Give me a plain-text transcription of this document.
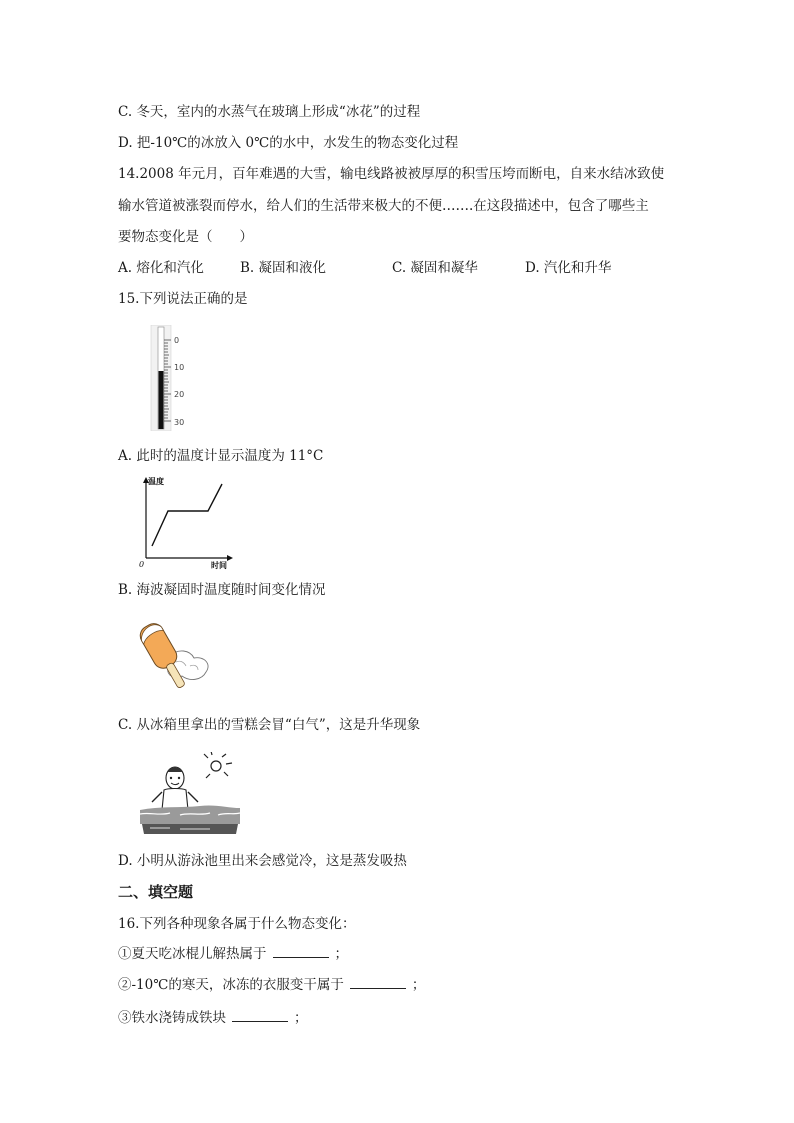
C. 冬天，室内的水蒸气在玻璃上形成“冰花”的过程
D. 把-10℃的冰放入 0℃的水中，水发生的物态变化过程
14.2008 年元月，百年难遇的大雪，输电线路被被厚厚的积雪压垮而断电，自来水结冰致使
输水管道被涨裂而停水，给人们的生活带来极大的不便…….在这段描述中，包含了哪些主
要物态变化是（　　）
A. 熔化和汽化	B. 凝固和液化	C. 凝固和凝华	D. 汽化和升华
15.下列说法正确的是
0
10
20
30
A. 此时的温度计显示温度为 11°C
温度
时间
0
B. 海波凝固时温度随时间变化情况
C. 从冰箱里拿出的雪糕会冒“白气”，这是升华现象
D. 小明从游泳池里出来会感觉冷，这是蒸发吸热
二、填空题
16.下列各种现象各属于什么物态变化：
①夏天吃冰棍儿解热属于	；
②-10℃的寒天，冰冻的衣服变干属于	；
③铁水浇铸成铁块	；
